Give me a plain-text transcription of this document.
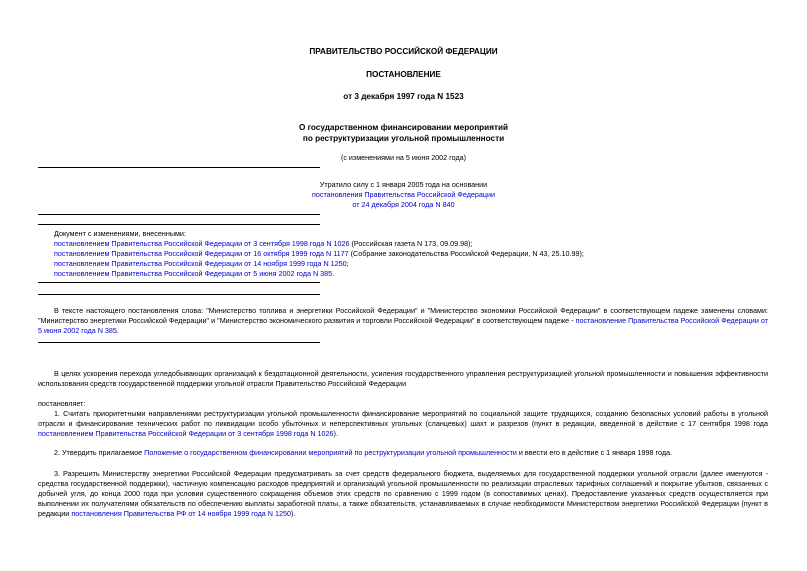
ПРАВИТЕЛЬСТВО РОССИЙСКОЙ ФЕДЕРАЦИИ
ПОСТАНОВЛЕНИЕ
от 3 декабря 1997 года N 1523
О государственном финансировании мероприятий
по реструктуризации угольной промышленности
(с изменениями на 5 июня 2002 года)
Утратило силу с 1 января 2005 года на основании
постановления Правительства Российской Федерации
от 24 декабря 2004 года N 840
Документ с изменениями, внесенными:
постановлением Правительства Российской Федерации от 3 сентября 1998 года N 1026 (Российская газета N 173, 09.09.98);
постановлением Правительства Российской Федерации от 16 октября 1999 года N 1177 (Собрание законодательства Российской Федерации, N 43, 25.10.99);
постановлением Правительства Российской Федерации от 14 ноября 1999 года N 1250;
постановлением Правительства Российской Федерации от 5 июня 2002 года N 385.

В тексте настоящего постановления слова: "Министерство топлива и энергетики Российской Федерации" и "Министерство экономики Российской Федерации" в соответствующем падеже заменены словами: "Министерство энергетики Российской Федерации" и "Министерство экономического развития и торговли Российской Федерации" в соответствующем падеже - постановление Правительства Российской Федерации от 5 июня 2002 года N 385.

В целях ускорения перехода угледобывающих организаций к бездотационной деятельности, усиления государственного управления реструктуризацией угольной промышленности и повышения эффективности использования средств государственной поддержки угольной отрасли Правительство Российской Федерации

постановляет:

1. Считать приоритетными направлениями реструктуризации угольной промышленности финансирование мероприятий по социальной защите трудящихся, созданию безопасных условий работы в угольной отрасли и финансирование технических работ по ликвидации особо убыточных и неперспективных угольных (сланцевых) шахт и разрезов (пункт в редакции, введенной в действие с 17 сентября 1998 года постановлением Правительства Российской Федерации от 3 сентября 1998 года N 1026).

2. Утвердить прилагаемое Положение о государственном финансировании мероприятий по реструктуризации угольной промышленности и ввести его в действие с 1 января 1998 года.

3. Разрешить Министерству энергетики Российской Федерации предусматривать за счет средств федерального бюджета, выделяемых для государственной поддержки угольной отрасли (далее именуются - средства государственной поддержки), частичную компенсацию расходов предприятий и организаций угольной промышленности по реализации отраслевых тарифных соглашений и покрытие убытков, связанных с добычей угля, до конца 2000 года при условии существенного сокращения объемов этих средств по сравнению с 1999 годом (в сопоставимых ценах). Предоставление указанных средств осуществляется при выполнении их получателями обязательств по обеспечению выплаты заработной платы, а также обязательств, устанавливаемых в случае необходимости Министерством энергетики Российской Федерации (пункт в редакции постановления Правительства РФ от 14 ноября 1999 года N 1250).
